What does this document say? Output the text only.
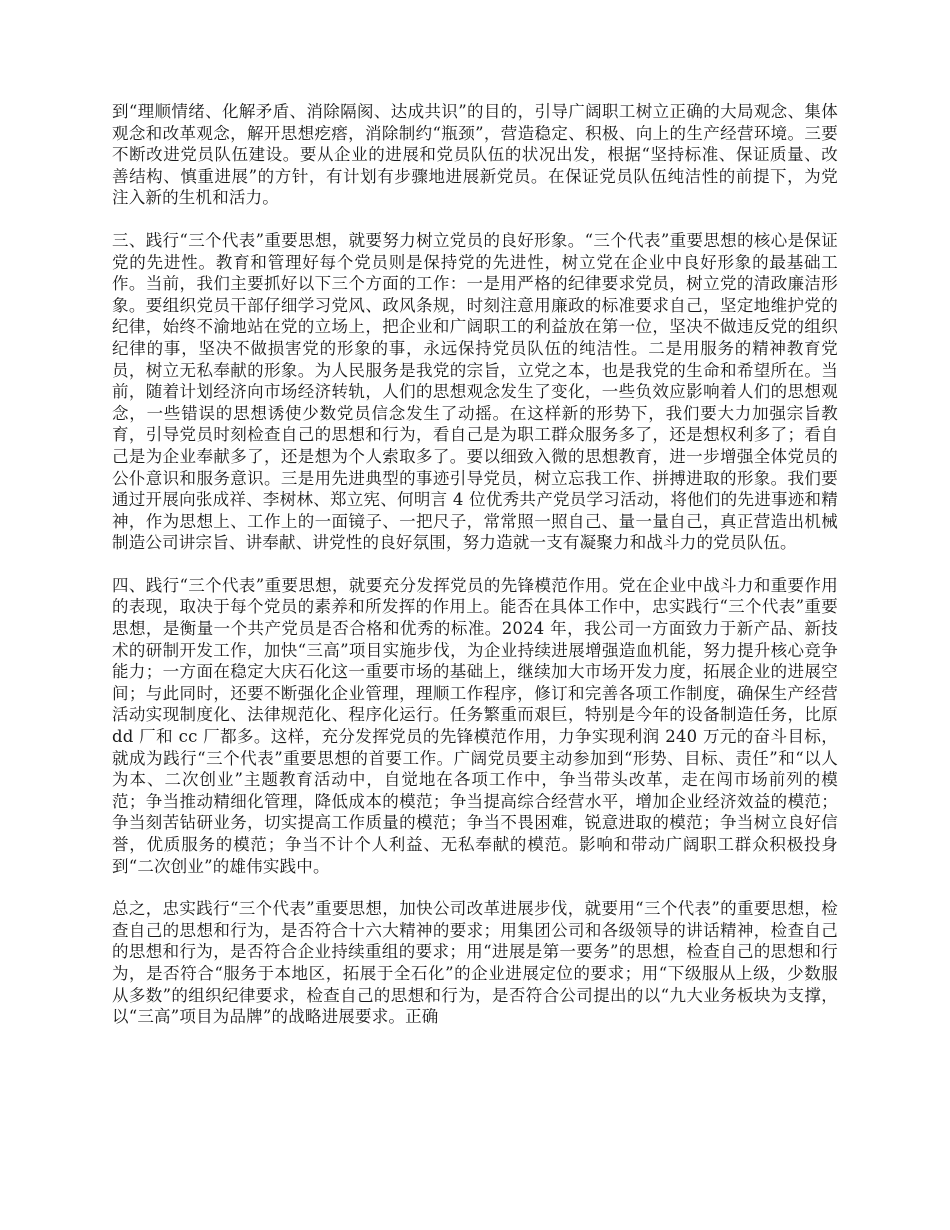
到“理顺情绪、化解矛盾、消除隔阂、达成共识”的目的，引导广阔职工树立正确的大局观念、集体观念和改革观念，解开思想疙瘩，消除制约“瓶颈”，营造稳定、积极、向上的生产经营环境。三要不断改进党员队伍建设。要从企业的进展和党员队伍的状况出发，根据“坚持标准、保证质量、改善结构、慎重进展”的方针，有计划有步骤地进展新党员。在保证党员队伍纯洁性的前提下，为党注入新的生机和活力。

三、践行“三个代表”重要思想，就要努力树立党员的良好形象。“三个代表”重要思想的核心是保证党的先进性。教育和管理好每个党员则是保持党的先进性，树立党在企业中良好形象的最基础工作。当前，我们主要抓好以下三个方面的工作：一是用严格的纪律要求党员，树立党的清政廉洁形象。要组织党员干部仔细学习党风、政风条规，时刻注意用廉政的标准要求自己，坚定地维护党的纪律，始终不渝地站在党的立场上，把企业和广阔职工的利益放在第一位，坚决不做违反党的组织纪律的事，坚决不做损害党的形象的事，永远保持党员队伍的纯洁性。二是用服务的精神教育党员，树立无私奉献的形象。为人民服务是我党的宗旨，立党之本，也是我党的生命和希望所在。当前，随着计划经济向市场经济转轨，人们的思想观念发生了变化，一些负效应影响着人们的思想观念，一些错误的思想诱使少数党员信念发生了动摇。在这样新的形势下，我们要大力加强宗旨教育，引导党员时刻检查自己的思想和行为，看自己是为职工群众服务多了，还是想权利多了；看自己是为企业奉献多了，还是想为个人索取多了。要以细致入微的思想教育，进一步增强全体党员的公仆意识和服务意识。三是用先进典型的事迹引导党员，树立忘我工作、拼搏进取的形象。我们要通过开展向张成祥、李树林、郑立宪、何明言 4 位优秀共产党员学习活动，将他们的先进事迹和精神，作为思想上、工作上的一面镜子、一把尺子，常常照一照自己、量一量自己，真正营造出机械制造公司讲宗旨、讲奉献、讲党性的良好氛围，努力造就一支有凝聚力和战斗力的党员队伍。

四、践行“三个代表”重要思想，就要充分发挥党员的先锋模范作用。党在企业中战斗力和重要作用的表现，取决于每个党员的素养和所发挥的作用上。能否在具体工作中，忠实践行“三个代表”重要思想，是衡量一个共产党员是否合格和优秀的标准。2024 年，我公司一方面致力于新产品、新技术的研制开发工作，加快“三高”项目实施步伐，为企业持续进展增强造血机能，努力提升核心竞争能力；一方面在稳定大庆石化这一重要市场的基础上，继续加大市场开发力度，拓展企业的进展空间；与此同时，还要不断强化企业管理，理顺工作程序，修订和完善各项工作制度，确保生产经营活动实现制度化、法律规范化、程序化运行。任务繁重而艰巨，特别是今年的设备制造任务，比原 dd 厂和 cc 厂都多。这样，充分发挥党员的先锋模范作用，力争实现利润 240 万元的奋斗目标，就成为践行“三个代表”重要思想的首要工作。广阔党员要主动参加到“形势、目标、责任”和“以人为本、二次创业”主题教育活动中，自觉地在各项工作中，争当带头改革，走在闯市场前列的模范；争当推动精细化管理，降低成本的模范；争当提高综合经营水平，增加企业经济效益的模范；争当刻苦钻研业务，切实提高工作质量的模范；争当不畏困难，锐意进取的模范；争当树立良好信誉，优质服务的模范；争当不计个人利益、无私奉献的模范。影响和带动广阔职工群众积极投身到“二次创业”的雄伟实践中。

总之，忠实践行“三个代表”重要思想，加快公司改革进展步伐，就要用“三个代表”的重要思想，检查自己的思想和行为，是否符合十六大精神的要求；用集团公司和各级领导的讲话精神，检查自己的思想和行为，是否符合企业持续重组的要求；用“进展是第一要务”的思想，检查自己的思想和行为，是否符合“服务于本地区，拓展于全石化”的企业进展定位的要求；用“下级服从上级，少数服从多数”的组织纪律要求，检查自己的思想和行为，是否符合公司提出的以“九大业务板块为支撑，以“三高”项目为品牌”的战略进展要求。正确
